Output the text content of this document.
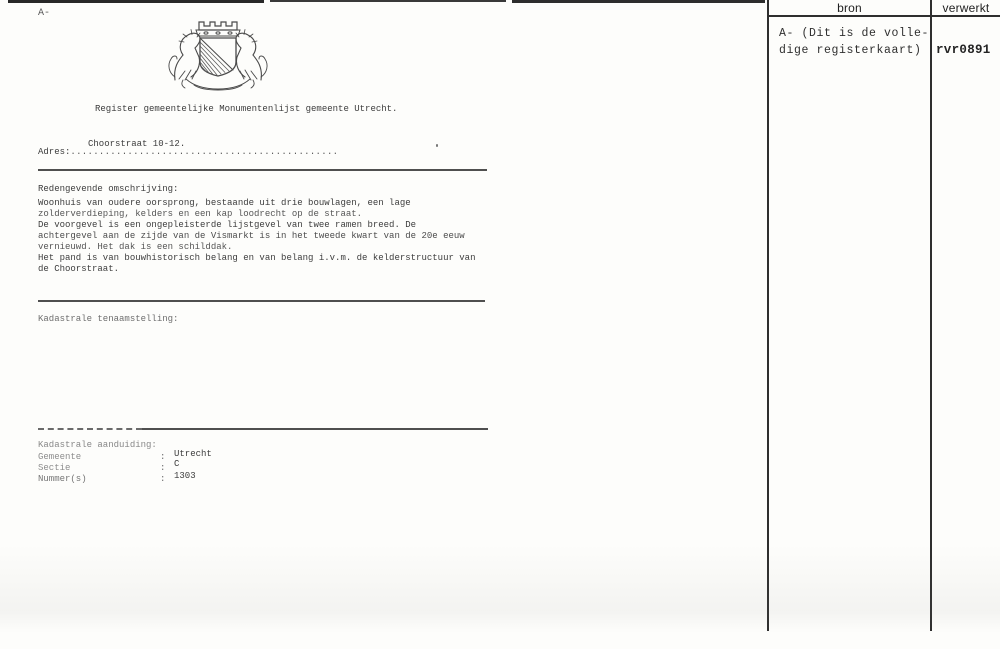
A-
Register gemeentelijke Monumentenlijst gemeente Utrecht.
Choorstraat 10-12.
Adres:...............................................
Redengevende omschrijving:
Woonhuis van oudere oorsprong, bestaande uit drie bouwlagen, een lage
zolderverdieping, kelders en een kap loodrecht op de straat.
De voorgevel is een ongepleisterde lijstgevel van twee ramen breed. De
achtergevel aan de zijde van de Vismarkt is in het tweede kwart van de 20e eeuw
vernieuwd. Het dak is een schilddak.
Het pand is van bouwhistorisch belang en van belang i.v.m. de kelderstructuur van
de Choorstraat.
Kadastrale tenaamstelling:
Kadastrale aanduiding:
Gemeente	: Utrecht
Sectie	: C
Nummer(s)	: 1303
bron	verwerkt
A- (Dit is de volle-
dige registerkaart) rvr0891
